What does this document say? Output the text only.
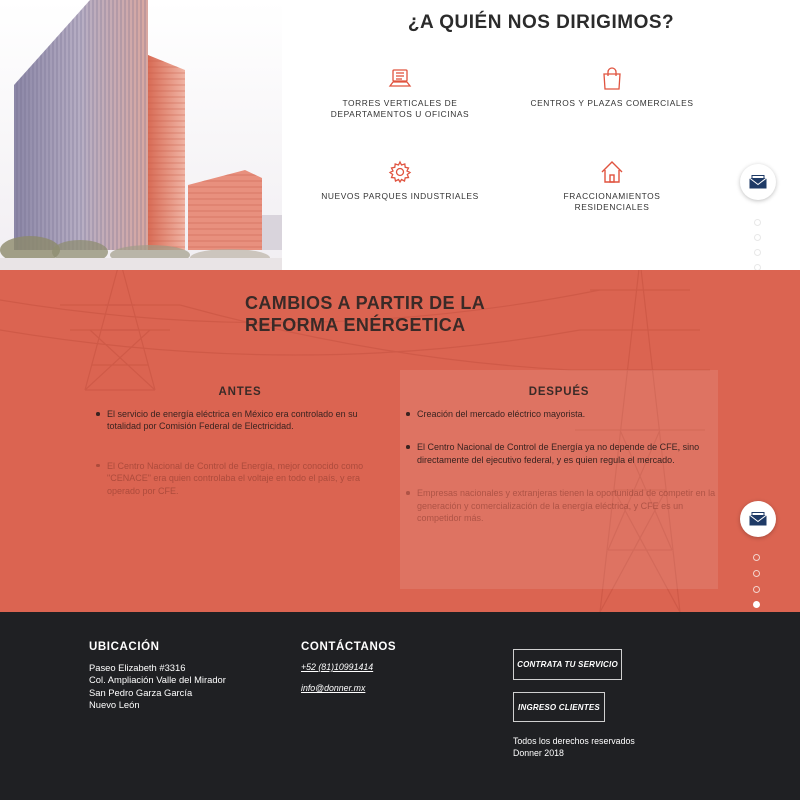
¿A QUIÉN NOS DIRIGIMOS?
TORRES VERTICALES DE DEPARTAMENTOS U OFICINAS
CENTROS Y PLAZAS COMERCIALES
NUEVOS PARQUES INDUSTRIALES	FRACCIONAMIENTOS RESIDENCIALES
CAMBIOS A PARTIR DE LA
REFORMA ENÉRGETICA
ANTES
El servicio de energía eléctrica en México era controlado en su totalidad por Comisión Federal de Electricidad.
El Centro Nacional de Control de Energía, mejor conocido como "CENACE" era quien controlaba el voltaje en todo el país, y era operado por CFE.
DESPUÉS
Creación del mercado eléctrico mayorista.
El Centro Nacional de Control de Energía ya no depende de CFE, sino directamente del ejecutivo federal, y es quien regula el mercado.
Empresas nacionales y extranjeras tienen la oportunidad de competir en la generación y comercialización de la energía eléctrica, y CFE es un competidor más.
UBICACIÓN
Paseo Elizabeth #3316
Col. Ampliación Valle del Mirador
San Pedro Garza García
Nuevo León
CONTÁCTANOS
+52 (81)10991414
info@donner.mx
CONTRATA TU SERVICIO
INGRESO CLIENTES
Todos los derechos reservados
Donner 2018
